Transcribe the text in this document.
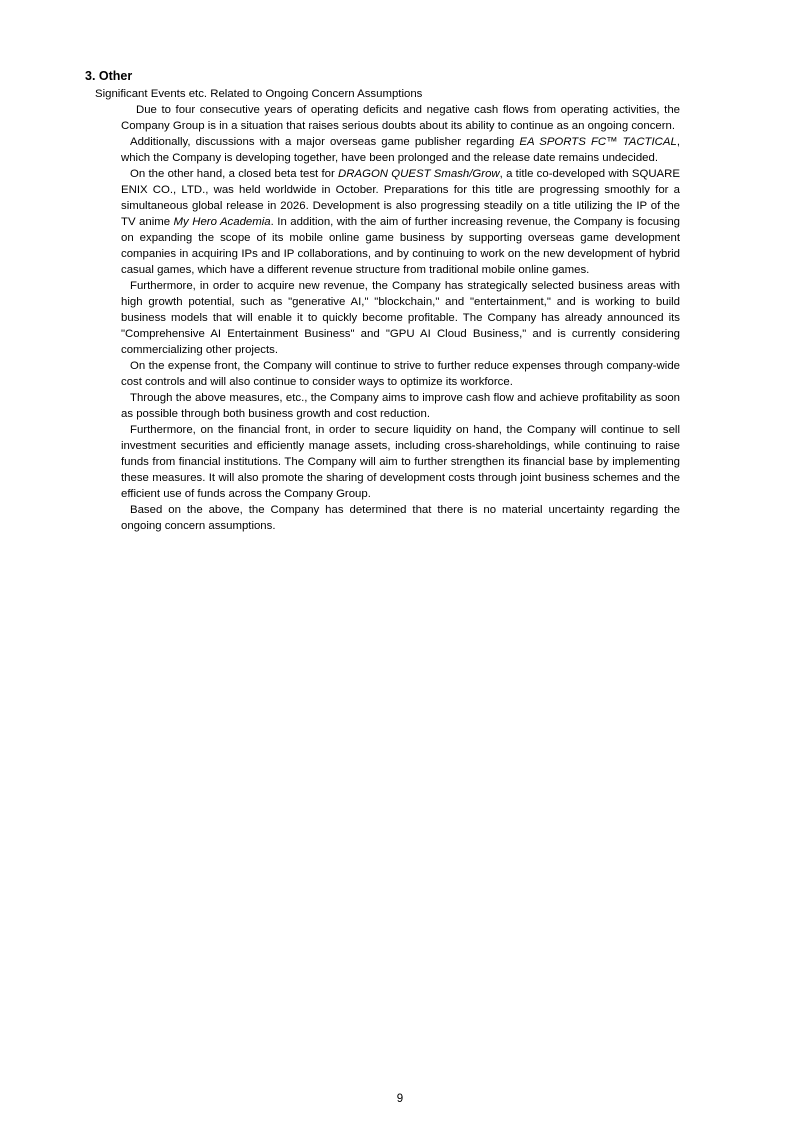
3. Other
Significant Events etc. Related to Ongoing Concern Assumptions

Due to four consecutive years of operating deficits and negative cash flows from operating activities, the Company Group is in a situation that raises serious doubts about its ability to continue as an ongoing concern.

Additionally, discussions with a major overseas game publisher regarding EA SPORTS FC™ TACTICAL, which the Company is developing together, have been prolonged and the release date remains undecided.

On the other hand, a closed beta test for DRAGON QUEST Smash/Grow, a title co-developed with SQUARE ENIX CO., LTD., was held worldwide in October. Preparations for this title are progressing smoothly for a simultaneous global release in 2026. Development is also progressing steadily on a title utilizing the IP of the TV anime My Hero Academia. In addition, with the aim of further increasing revenue, the Company is focusing on expanding the scope of its mobile online game business by supporting overseas game development companies in acquiring IPs and IP collaborations, and by continuing to work on the new development of hybrid casual games, which have a different revenue structure from traditional mobile online games.

Furthermore, in order to acquire new revenue, the Company has strategically selected business areas with high growth potential, such as "generative AI," "blockchain," and "entertainment," and is working to build business models that will enable it to quickly become profitable. The Company has already announced its "Comprehensive AI Entertainment Business" and "GPU AI Cloud Business," and is currently considering commercializing other projects.

On the expense front, the Company will continue to strive to further reduce expenses through company-wide cost controls and will also continue to consider ways to optimize its workforce.

Through the above measures, etc., the Company aims to improve cash flow and achieve profitability as soon as possible through both business growth and cost reduction.

Furthermore, on the financial front, in order to secure liquidity on hand, the Company will continue to sell investment securities and efficiently manage assets, including cross-shareholdings, while continuing to raise funds from financial institutions. The Company will aim to further strengthen its financial base by implementing these measures. It will also promote the sharing of development costs through joint business schemes and the efficient use of funds across the Company Group.

Based on the above, the Company has determined that there is no material uncertainty regarding the ongoing concern assumptions.

9
